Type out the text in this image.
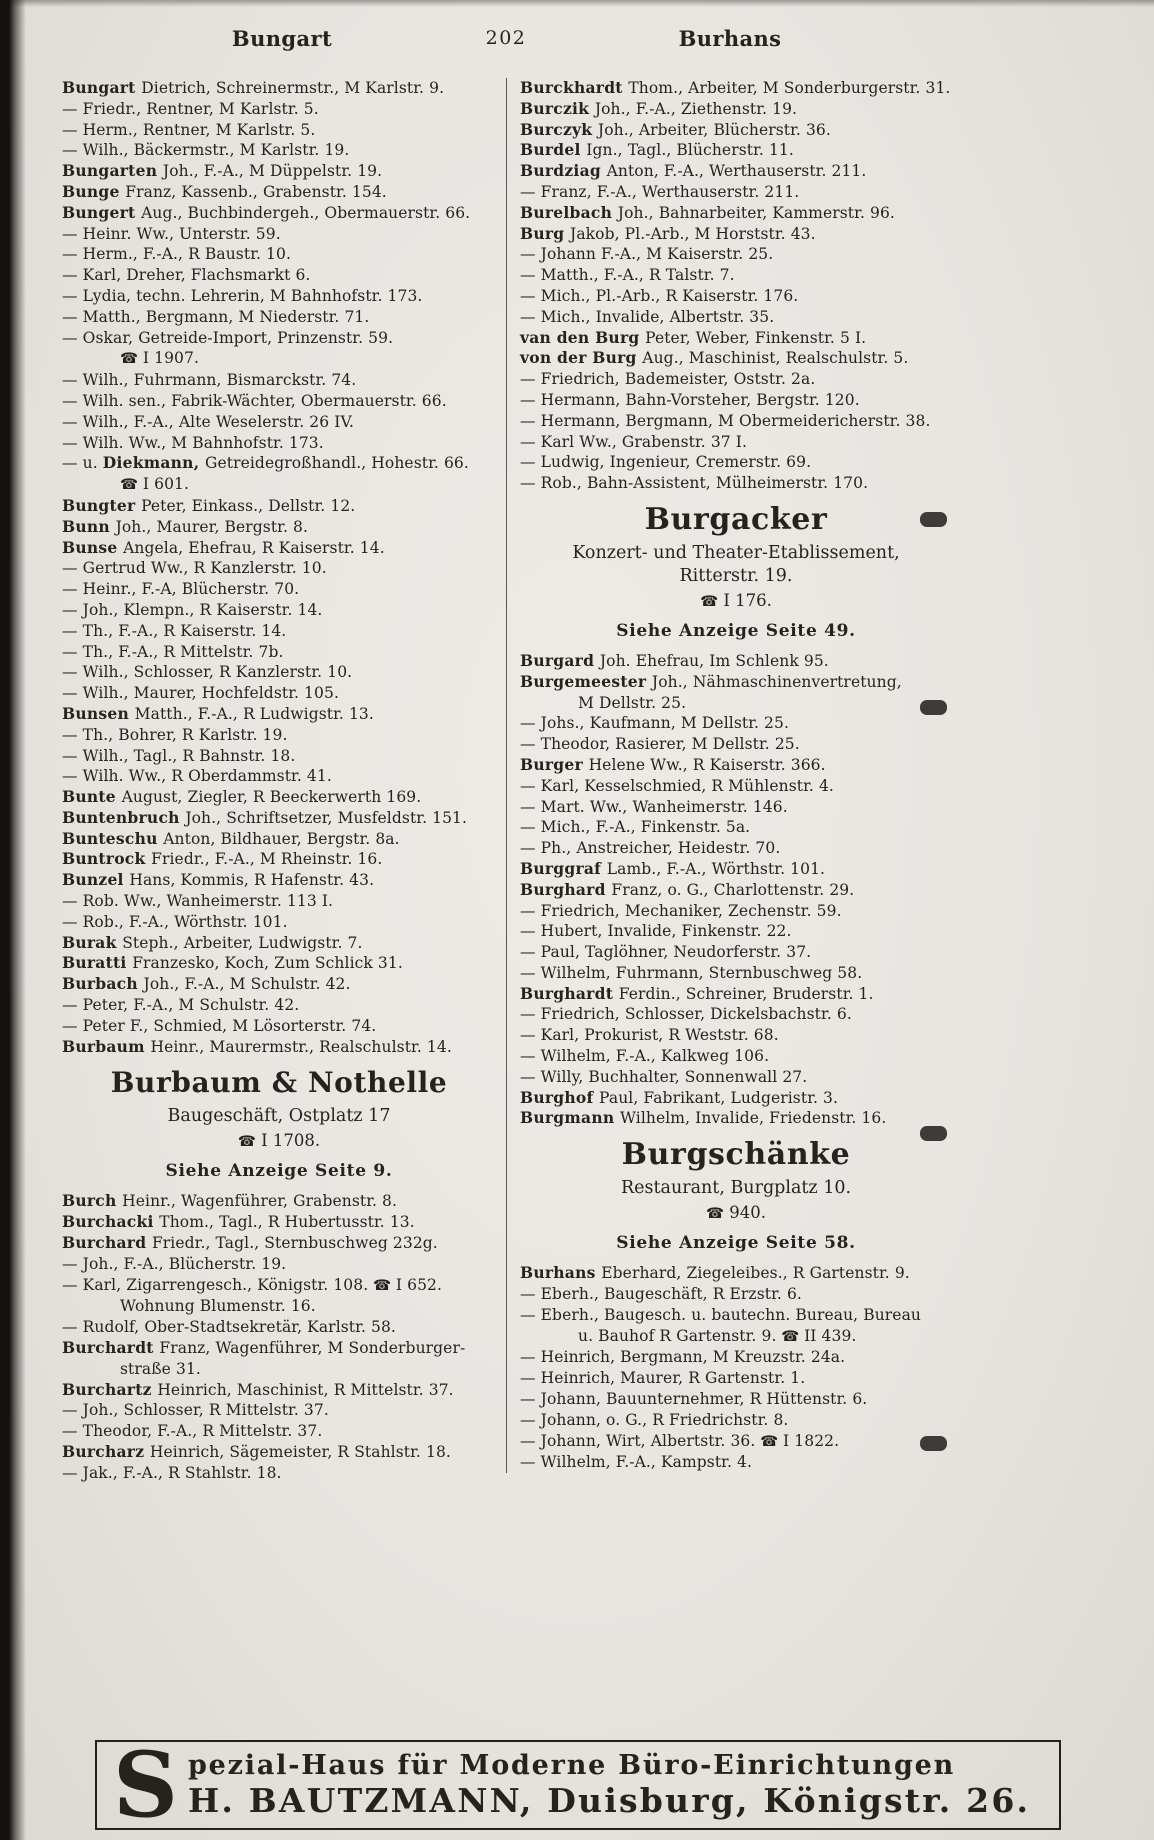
Bungart	202	Burhans
Bungart Dietrich, Schreinermstr., M Karlstr. 9.
— Friedr., Rentner, M Karlstr. 5.
— Herm., Rentner, M Karlstr. 5.
— Wilh., Bäckermstr., M Karlstr. 19.
Bungarten Joh., F.-A., M Düppelstr. 19.
Bunge Franz, Kassenb., Grabenstr. 154.
Bungert Aug., Buchbindergeh., Obermauerstr. 66.
— Heinr. Ww., Unterstr. 59.
— Herm., F.-A., R Baustr. 10.
— Karl, Dreher, Flachsmarkt 6.
— Lydia, techn. Lehrerin, M Bahnhofstr. 173.
— Matth., Bergmann, M Niederstr. 71.
— Oskar, Getreide-Import, Prinzenstr. 59.
☎ I 1907.
— Wilh., Fuhrmann, Bismarckstr. 74.
— Wilh. sen., Fabrik-Wächter, Obermauerstr. 66.
— Wilh., F.-A., Alte Weselerstr. 26 IV.
— Wilh. Ww., M Bahnhofstr. 173.
— u. Diekmann, Getreidegroßhandl., Hohestr. 66.
☎ I 601.
Bungter Peter, Einkass., Dellstr. 12.
Bunn Joh., Maurer, Bergstr. 8.
Bunse Angela, Ehefrau, R Kaiserstr. 14.
— Gertrud Ww., R Kanzlerstr. 10.
— Heinr., F.-A, Blücherstr. 70.
— Joh., Klempn., R Kaiserstr. 14.
— Th., F.-A., R Kaiserstr. 14.
— Th., F.-A., R Mittelstr. 7b.
— Wilh., Schlosser, R Kanzlerstr. 10.
— Wilh., Maurer, Hochfeldstr. 105.
Bunsen Matth., F.-A., R Ludwigstr. 13.
— Th., Bohrer, R Karlstr. 19.
— Wilh., Tagl., R Bahnstr. 18.
— Wilh. Ww., R Oberdammstr. 41.
Bunte August, Ziegler, R Beeckerwerth 169.
Buntenbruch Joh., Schriftsetzer, Musfeldstr. 151.
Bunteschu Anton, Bildhauer, Bergstr. 8a.
Buntrock Friedr., F.-A., M Rheinstr. 16.
Bunzel Hans, Kommis, R Hafenstr. 43.
— Rob. Ww., Wanheimerstr. 113 I.
— Rob., F.-A., Wörthstr. 101.
Burak Steph., Arbeiter, Ludwigstr. 7.
Buratti Franzesko, Koch, Zum Schlick 31.
Burbach Joh., F.-A., M Schulstr. 42.
— Peter, F.-A., M Schulstr. 42.
— Peter F., Schmied, M Lösorterstr. 74.
Burbaum Heinr., Maurermstr., Realschulstr. 14.
Burbaum & Nothelle
Baugeschäft, Ostplatz 17
☎ I 1708.
Siehe Anzeige Seite 9.
Burch Heinr., Wagenführer, Grabenstr. 8.
Burchacki Thom., Tagl., R Hubertusstr. 13.
Burchard Friedr., Tagl., Sternbuschweg 232g.
— Joh., F.-A., Blücherstr. 19.
— Karl, Zigarrengesch., Königstr. 108. ☎ I 652.
Wohnung Blumenstr. 16.
— Rudolf, Ober-Stadtsekretär, Karlstr. 58.
Burchardt Franz, Wagenführer, M Sonderburger-
straße 31.
Burchartz Heinrich, Maschinist, R Mittelstr. 37.
— Joh., Schlosser, R Mittelstr. 37.
— Theodor, F.-A., R Mittelstr. 37.
Burcharz Heinrich, Sägemeister, R Stahlstr. 18.
— Jak., F.-A., R Stahlstr. 18.
Burckhardt Thom., Arbeiter, M Sonderburgerstr. 31.
Burczik Joh., F.-A., Ziethenstr. 19.
Burczyk Joh., Arbeiter, Blücherstr. 36.
Burdel Ign., Tagl., Blücherstr. 11.
Burdziag Anton, F.-A., Werthauserstr. 211.
— Franz, F.-A., Werthauserstr. 211.
Burelbach Joh., Bahnarbeiter, Kammerstr. 96.
Burg Jakob, Pl.-Arb., M Horststr. 43.
— Johann F.-A., M Kaiserstr. 25.
— Matth., F.-A., R Talstr. 7.
— Mich., Pl.-Arb., R Kaiserstr. 176.
— Mich., Invalide, Albertstr. 35.
van den Burg Peter, Weber, Finkenstr. 5 I.
von der Burg Aug., Maschinist, Realschulstr. 5.
— Friedrich, Bademeister, Oststr. 2a.
— Hermann, Bahn-Vorsteher, Bergstr. 120.
— Hermann, Bergmann, M Obermeidericherstr. 38.
— Karl Ww., Grabenstr. 37 I.
— Ludwig, Ingenieur, Cremerstr. 69.
— Rob., Bahn-Assistent, Mülheimerstr. 170.
Burgacker
Konzert- und Theater-Etablissement,
Ritterstr. 19.
☎ I 176.
Siehe Anzeige Seite 49.
Burgard Joh. Ehefrau, Im Schlenk 95.
Burgemeester Joh., Nähmaschinenvertretung,
M Dellstr. 25.
— Johs., Kaufmann, M Dellstr. 25.
— Theodor, Rasierer, M Dellstr. 25.
Burger Helene Ww., R Kaiserstr. 366.
— Karl, Kesselschmied, R Mühlenstr. 4.
— Mart. Ww., Wanheimerstr. 146.
— Mich., F.-A., Finkenstr. 5a.
— Ph., Anstreicher, Heidestr. 70.
Burggraf Lamb., F.-A., Wörthstr. 101.
Burghard Franz, o. G., Charlottenstr. 29.
— Friedrich, Mechaniker, Zechenstr. 59.
— Hubert, Invalide, Finkenstr. 22.
— Paul, Taglöhner, Neudorferstr. 37.
— Wilhelm, Fuhrmann, Sternbuschweg 58.
Burghardt Ferdin., Schreiner, Bruderstr. 1.
— Friedrich, Schlosser, Dickelsbachstr. 6.
— Karl, Prokurist, R Weststr. 68.
— Wilhelm, F.-A., Kalkweg 106.
— Willy, Buchhalter, Sonnenwall 27.
Burghof Paul, Fabrikant, Ludgeristr. 3.
Burgmann Wilhelm, Invalide, Friedenstr. 16.
Burgschänke
Restaurant, Burgplatz 10.
☎ 940.
Siehe Anzeige Seite 58.
Burhans Eberhard, Ziegeleibes., R Gartenstr. 9.
— Eberh., Baugeschäft, R Erzstr. 6.
— Eberh., Baugesch. u. bautechn. Bureau, Bureau
u. Bauhof R Gartenstr. 9. ☎ II 439.
— Heinrich, Bergmann, M Kreuzstr. 24a.
— Heinrich, Maurer, R Gartenstr. 1.
— Johann, Bauunternehmer, R Hüttenstr. 6.
— Johann, o. G., R Friedrichstr. 8.
— Johann, Wirt, Albertstr. 36. ☎ I 1822.
— Wilhelm, F.-A., Kampstr. 4.
S pezial-Haus für Moderne Büro-Einrichtungen
H. BAUTZMANN, Duisburg, Königstr. 26.
